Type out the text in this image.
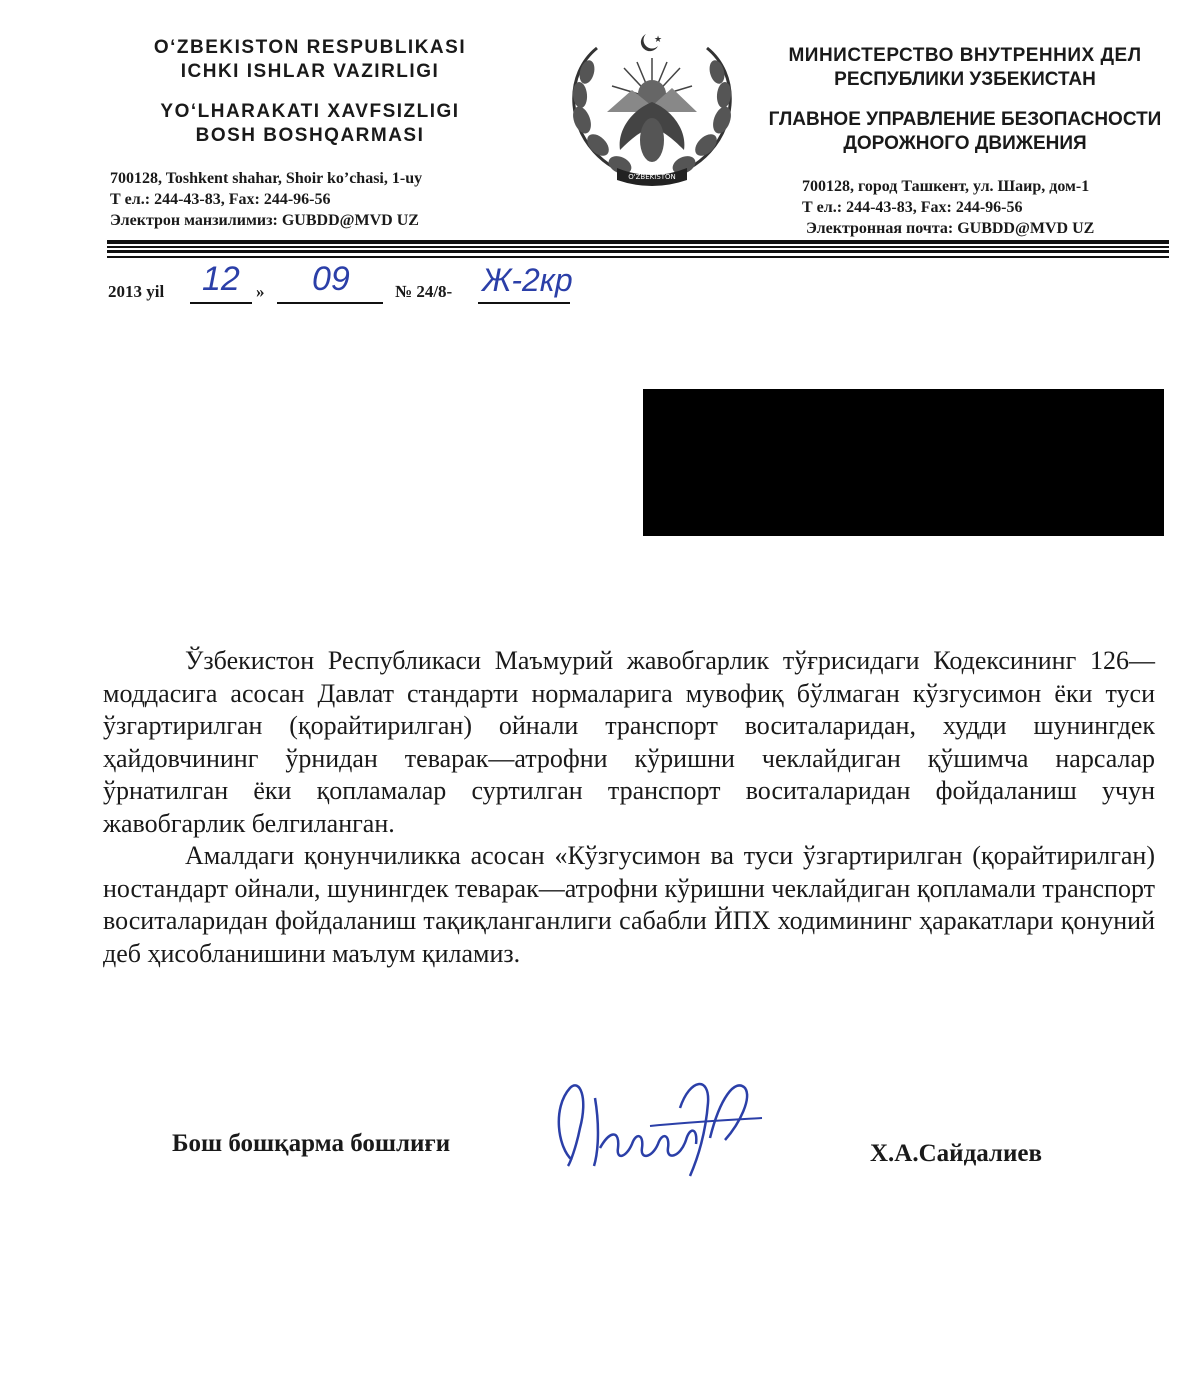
O‘ZBEKISTON RESPUBLIKASI
ICHKI ISHLAR VAZIRLIGI
YO‘LHARAKATI XAVFSIZLIGI
BOSH BOSHQARMASI
700128, Toshkent shahar, Shoir ko’chasi, 1-uy
Т ел.: 244-43-83, Fax: 244-96-56
Электрон манзилимиз: GUBDD@MVD UZ
★
O'ZBEKISTON
МИНИСТЕРСТВО ВНУТРЕННИХ ДЕЛ
РЕСПУБЛИКИ УЗБЕКИСТАН
ГЛАВНОЕ УПРАВЛЕНИЕ БЕЗОПАСНОСТИ
ДОРОЖНОГО ДВИЖЕНИЯ
700128, город Ташкент, ул. Шаир, дом-1
Т ел.: 244-43-83, Fax: 244-96-56
Электронная почта: GUBDD@MVD UZ
2013 yil 12 » 09	№ 24/8- Ж-2кр

Ўзбекистон Республикаси Маъмурий жавобгарлик тўғрисидаги Кодексининг 126—моддасига асосан Давлат стандарти нормаларига мувофиқ бўлмаган кўзгусимон ёки туси ўзгартирилган (қорайтирилган) ойнали транспорт воситаларидан, худди шунингдек ҳайдовчининг ўрнидан теварак—атрофни кўришни чеклайдиган қўшимча нарсалар ўрнатилган ёки қопламалар суртилган транспорт воситаларидан фойдаланиш учун жавобгарлик белгиланган.

Амалдаги қонунчиликка асосан «Кўзгусимон ва туси ўзгартирилган (қорайтирилган) ностандарт ойнали, шунингдек теварак—атрофни кўришни чеклайдиган қопламали транспорт воситаларидан фойдаланиш тақиқланганлиги сабабли ЙПХ ходимининг ҳаракатлари қонуний деб ҳисобланишини маълум қиламиз.

Бош бошқарма бошлиғи	Х.А.Сайдалиев
